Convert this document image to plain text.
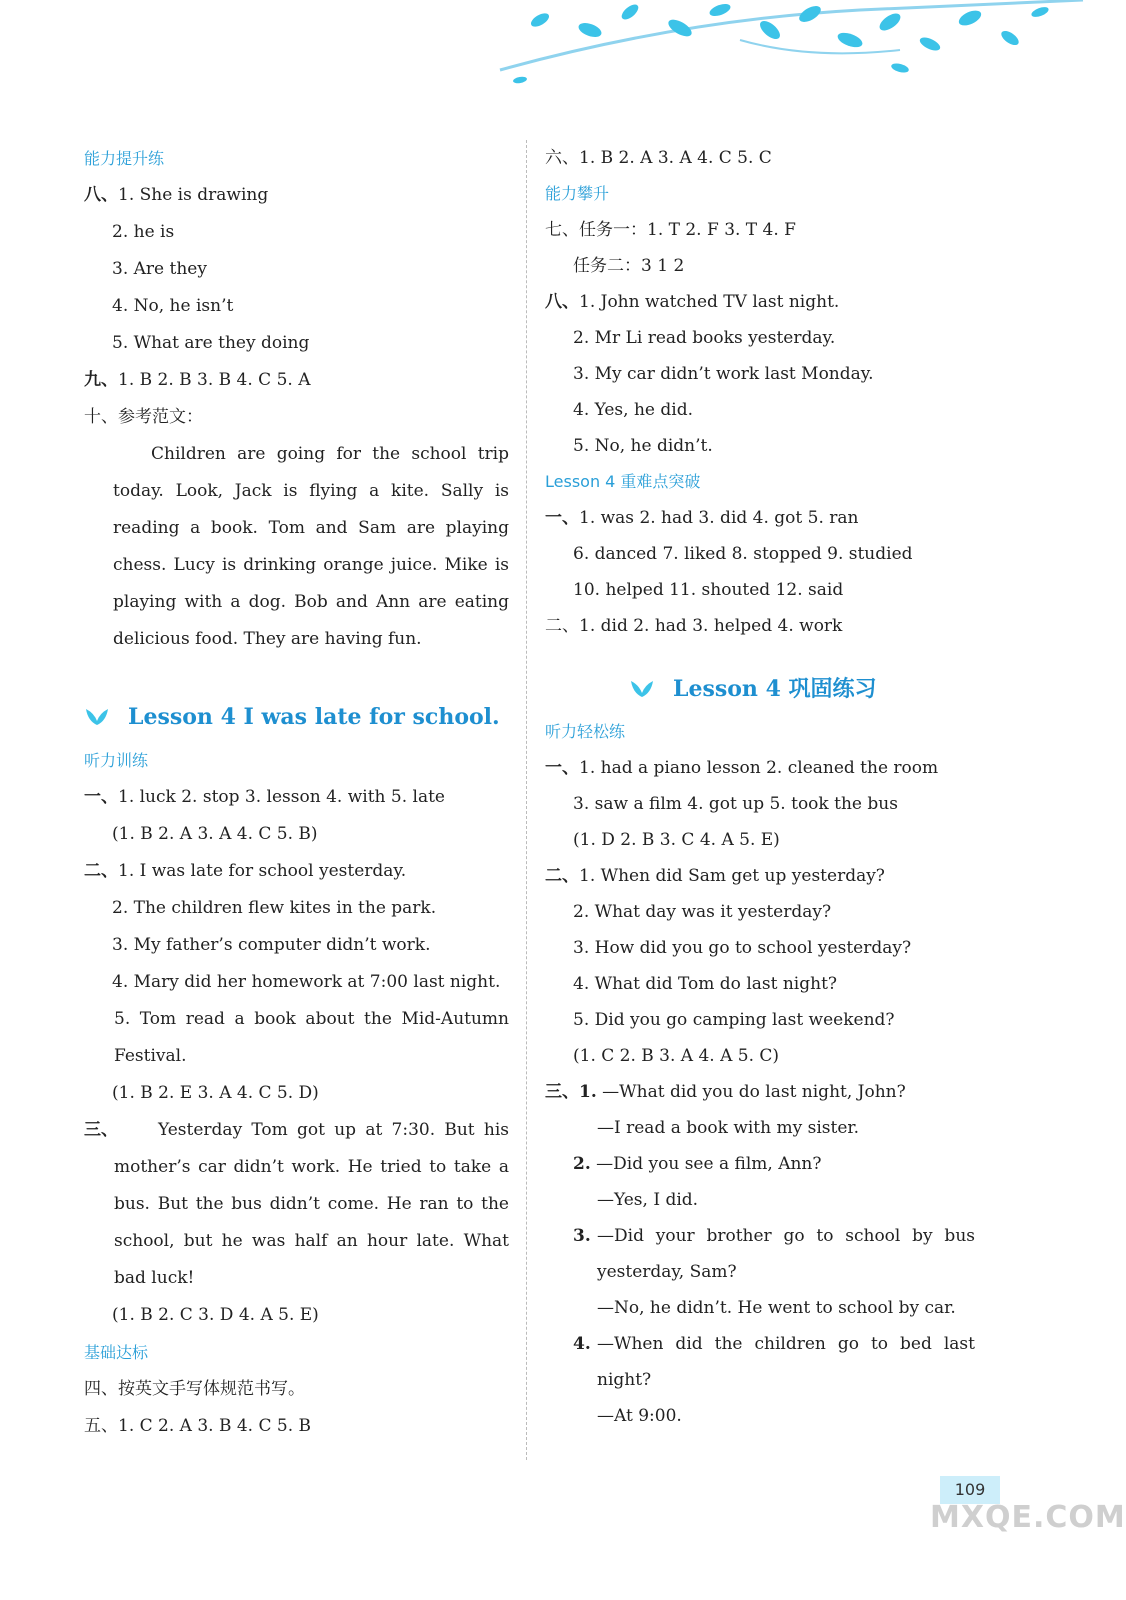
能力提升练
八、1. She is drawing
2. he is
3. Are they
4. No, he isn’t
5. What are they doing
九、1. B 2. B 3. B 4. C 5. A
十、参考范文：
Children are going for the school trip today. Look, Jack is flying a kite. Sally is reading a book. Tom and Sam are playing chess. Lucy is drinking orange juice. Mike is playing with a dog. Bob and Ann are eating delicious food. They are having fun.
Lesson 4 I was late for school.
听力训练
一、1. luck 2. stop 3. lesson 4. with 5. late
(1. B 2. A 3. A 4. C 5. B)
二、1. I was late for school yesterday.
2. The children flew kites in the park.
3. My father’s computer didn’t work.
4. Mary did her homework at 7:00 last night.
5. Tom read a book about the Mid-Autumn Festival.
(1. B 2. E 3. A 4. C 5. D)
三、	Yesterday Tom got up at 7:30. But his mother’s car didn’t work. He tried to take a bus. But the bus didn’t come. He ran to the school, but he was half an hour late. What bad luck!
(1. B 2. C 3. D 4. A 5. E)
基础达标
四、按英文手写体规范书写。
五、1. C 2. A 3. B 4. C 5. B
六、1. B 2. A 3. A 4. C 5. C
能力攀升
七、任务一：1. T 2. F 3. T 4. F
任务二：3 1 2
八、1. John watched TV last night.
2. Mr Li read books yesterday.
3. My car didn’t work last Monday.
4. Yes, he did.
5. No, he didn’t.
Lesson 4 重难点突破
一、1. was 2. had 3. did 4. got 5. ran
6. danced 7. liked 8. stopped 9. studied
10. helped 11. shouted 12. said
二、1. did 2. had 3. helped 4. work
Lesson 4 巩固练习
听力轻松练
一、1. had a piano lesson 2. cleaned the room
3. saw a film 4. got up 5. took the bus
(1. D 2. B 3. C 4. A 5. E)
二、1. When did Sam get up yesterday?
2. What day was it yesterday?
3. How did you go to school yesterday?
4. What did Tom do last night?
5. Did you go camping last weekend?
(1. C 2. B 3. A 4. A 5. C)
三、1. —What did you do last night, John?
—I read a book with my sister.
2. —Did you see a film, Ann?
—Yes, I did.
3. —Did your brother go to school by bus yesterday, Sam?
—No, he didn’t. He went to school by car.
4. —When did the children go to bed last night?
—At 9:00.
109
MXQE.COM
